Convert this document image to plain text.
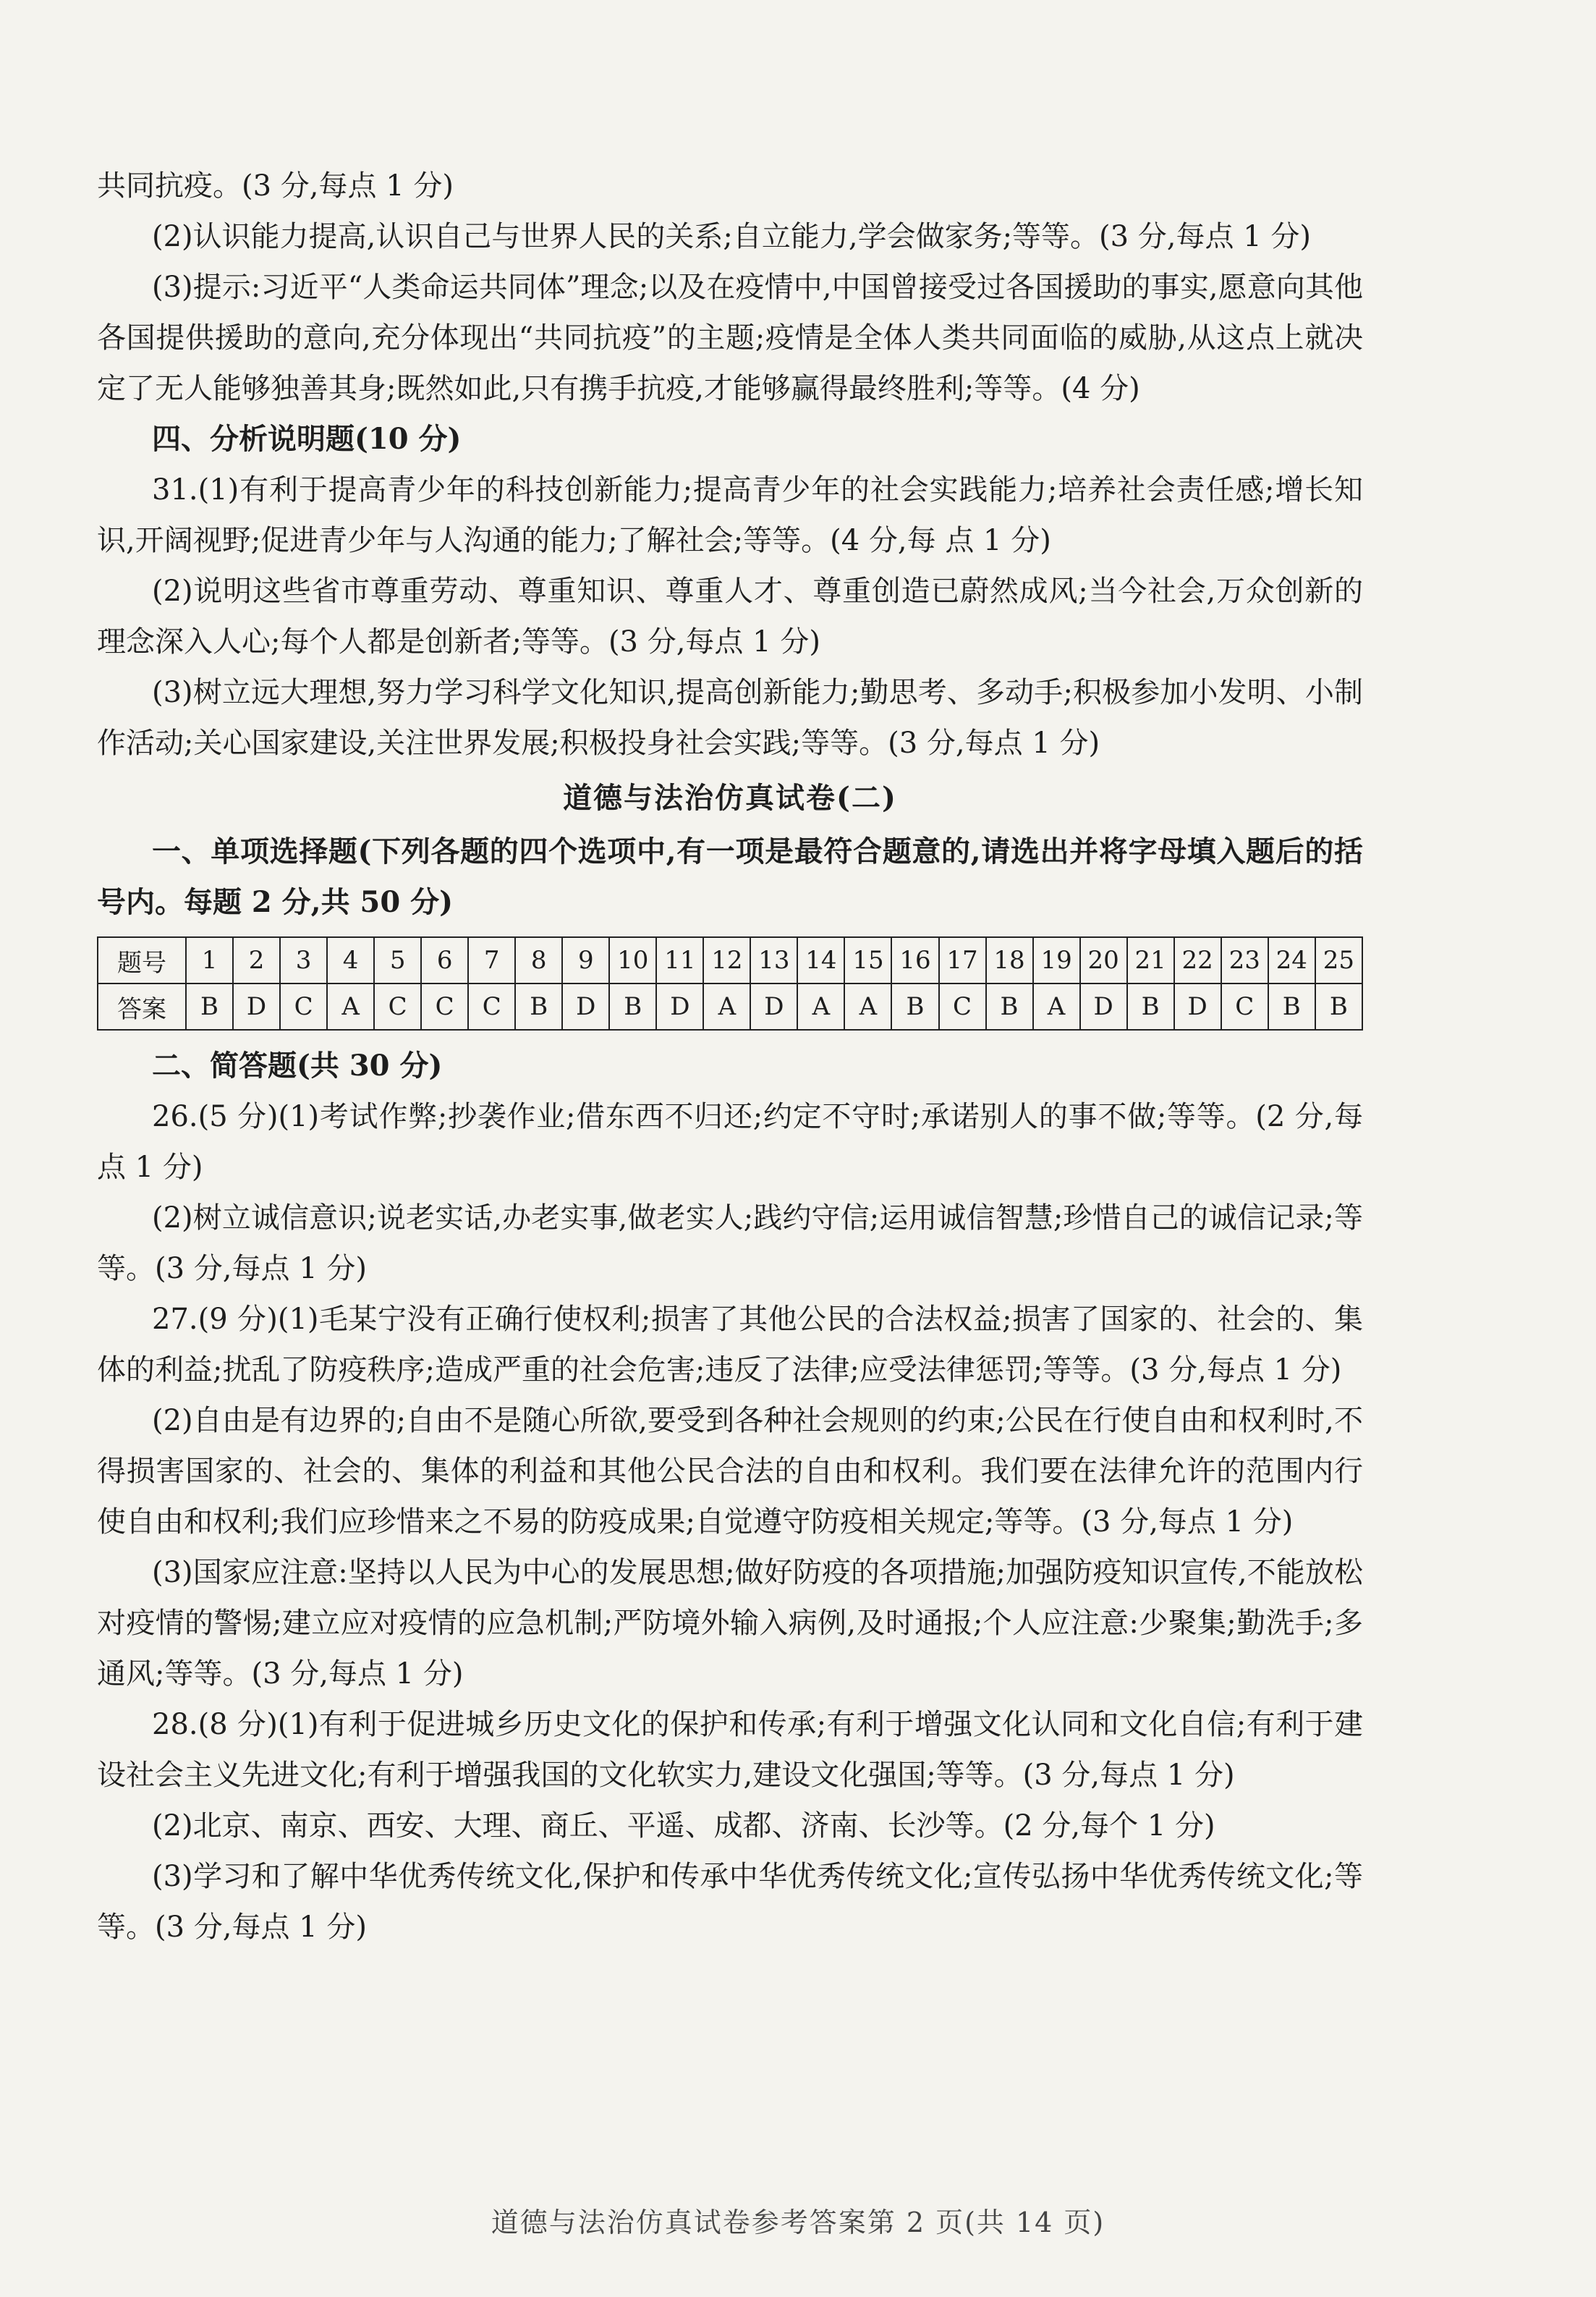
共同抗疫。(3 分,每点 1 分)

(2)认识能力提高,认识自己与世界人民的关系;自立能力,学会做家务;等等。(3 分,每点 1 分)

(3)提示:习近平“人类命运共同体”理念;以及在疫情中,中国曾接受过各国援助的事实,愿意向其他各国提供援助的意向,充分体现出“共同抗疫”的主题;疫情是全体人类共同面临的威胁,从这点上就决定了无人能够独善其身;既然如此,只有携手抗疫,才能够赢得最终胜利;等等。(4 分)

四、分析说明题(10 分)

31.(1)有利于提高青少年的科技创新能力;提高青少年的社会实践能力;培养社会责任感;增长知识,开阔视野;促进青少年与人沟通的能力;了解社会;等等。(4 分,每 点 1 分)

(2)说明这些省市尊重劳动、尊重知识、尊重人才、尊重创造已蔚然成风;当今社会,万众创新的理念深入人心;每个人都是创新者;等等。(3 分,每点 1 分)

(3)树立远大理想,努力学习科学文化知识,提高创新能力;勤思考、多动手;积极参加小发明、小制作活动;关心国家建设,关注世界发展;积极投身社会实践;等等。(3 分,每点 1 分)

道德与法治仿真试卷(二)

一、单项选择题(下列各题的四个选项中,有一项是最符合题意的,请选出并将字母填入题后的括号内。每题 2 分,共 50 分)

题号	1	2	3	4	5	6	7	8	9	10	11	12	13	14	15	16	17	18	19	20	21	22	23	24	25
答案	B	D	C	A	C	C	C	B	D	B	D	A	D	A	A	B	C	B	A	D	B	D	C	B	B

二、简答题(共 30 分)

26.(5 分)(1)考试作弊;抄袭作业;借东西不归还;约定不守时;承诺别人的事不做;等等。(2 分,每点 1 分)

(2)树立诚信意识;说老实话,办老实事,做老实人;践约守信;运用诚信智慧;珍惜自己的诚信记录;等等。(3 分,每点 1 分)

27.(9 分)(1)毛某宁没有正确行使权利;损害了其他公民的合法权益;损害了国家的、社会的、集体的利益;扰乱了防疫秩序;造成严重的社会危害;违反了法律;应受法律惩罚;等等。(3 分,每点 1 分)

(2)自由是有边界的;自由不是随心所欲,要受到各种社会规则的约束;公民在行使自由和权利时,不得损害国家的、社会的、集体的利益和其他公民合法的自由和权利。我们要在法律允许的范围内行使自由和权利;我们应珍惜来之不易的防疫成果;自觉遵守防疫相关规定;等等。(3 分,每点 1 分)

(3)国家应注意:坚持以人民为中心的发展思想;做好防疫的各项措施;加强防疫知识宣传,不能放松对疫情的警惕;建立应对疫情的应急机制;严防境外输入病例,及时通报;个人应注意:少聚集;勤洗手;多通风;等等。(3 分,每点 1 分)

28.(8 分)(1)有利于促进城乡历史文化的保护和传承;有利于增强文化认同和文化自信;有利于建设社会主义先进文化;有利于增强我国的文化软实力,建设文化强国;等等。(3 分,每点 1 分)

(2)北京、南京、西安、大理、商丘、平遥、成都、济南、长沙等。(2 分,每个 1 分)

(3)学习和了解中华优秀传统文化,保护和传承中华优秀传统文化;宣传弘扬中华优秀传统文化;等等。(3 分,每点 1 分)

道德与法治仿真试卷参考答案第 2 页(共 14 页)
